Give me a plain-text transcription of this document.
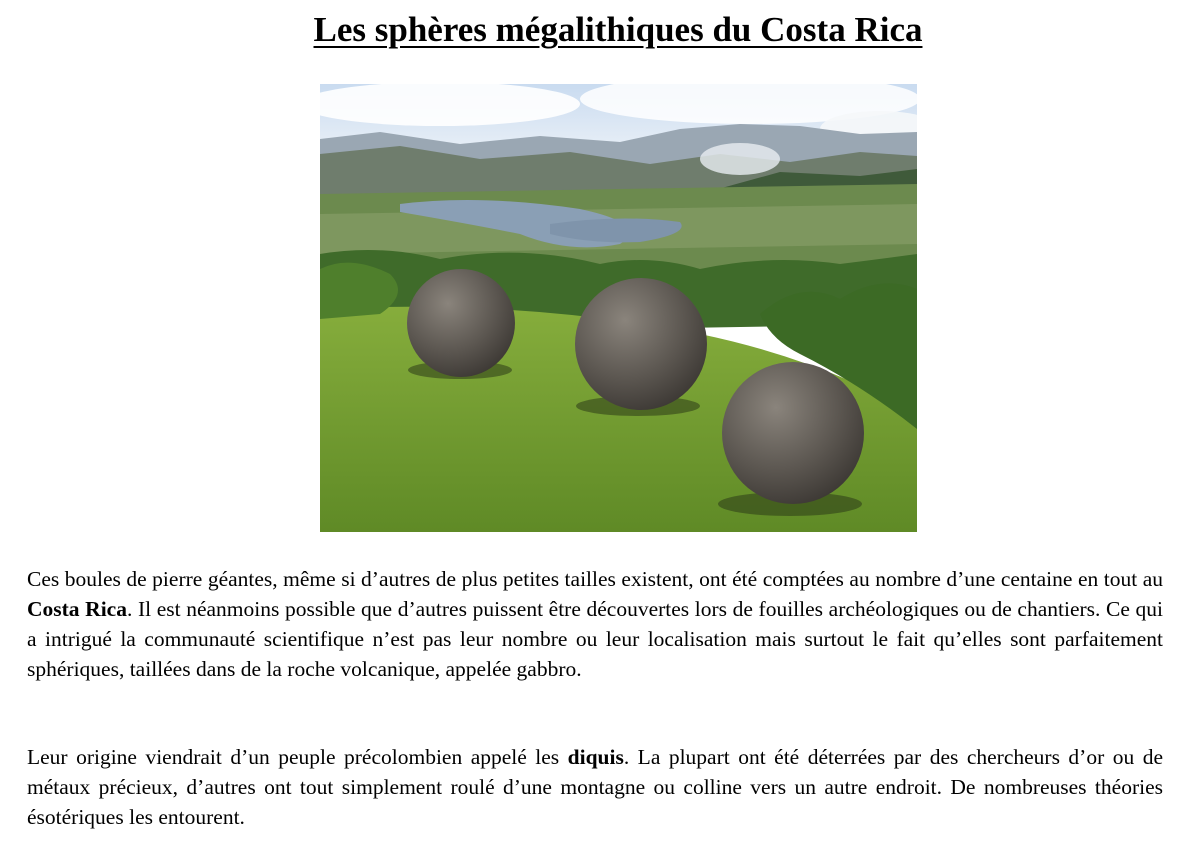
Les sphères mégalithiques du Costa Rica

Ces boules de pierre géantes, même si d’autres de plus petites tailles existent, ont été comptées au nombre d’une centaine en tout au Costa Rica. Il est néanmoins possible que d’autres puissent être découvertes lors de fouilles archéologiques ou de chantiers. Ce qui a intrigué la communauté scientifique n’est pas leur nombre ou leur localisation mais surtout le fait qu’elles sont parfaitement sphériques, taillées dans de la roche volcanique, appelée gabbro.

Leur origine viendrait d’un peuple précolombien appelé les diquis. La plupart ont été déterrées par des chercheurs d’or ou de métaux précieux, d’autres ont tout simplement roulé d’une montagne ou colline vers un autre endroit. De nombreuses théories ésotériques les entourent.
